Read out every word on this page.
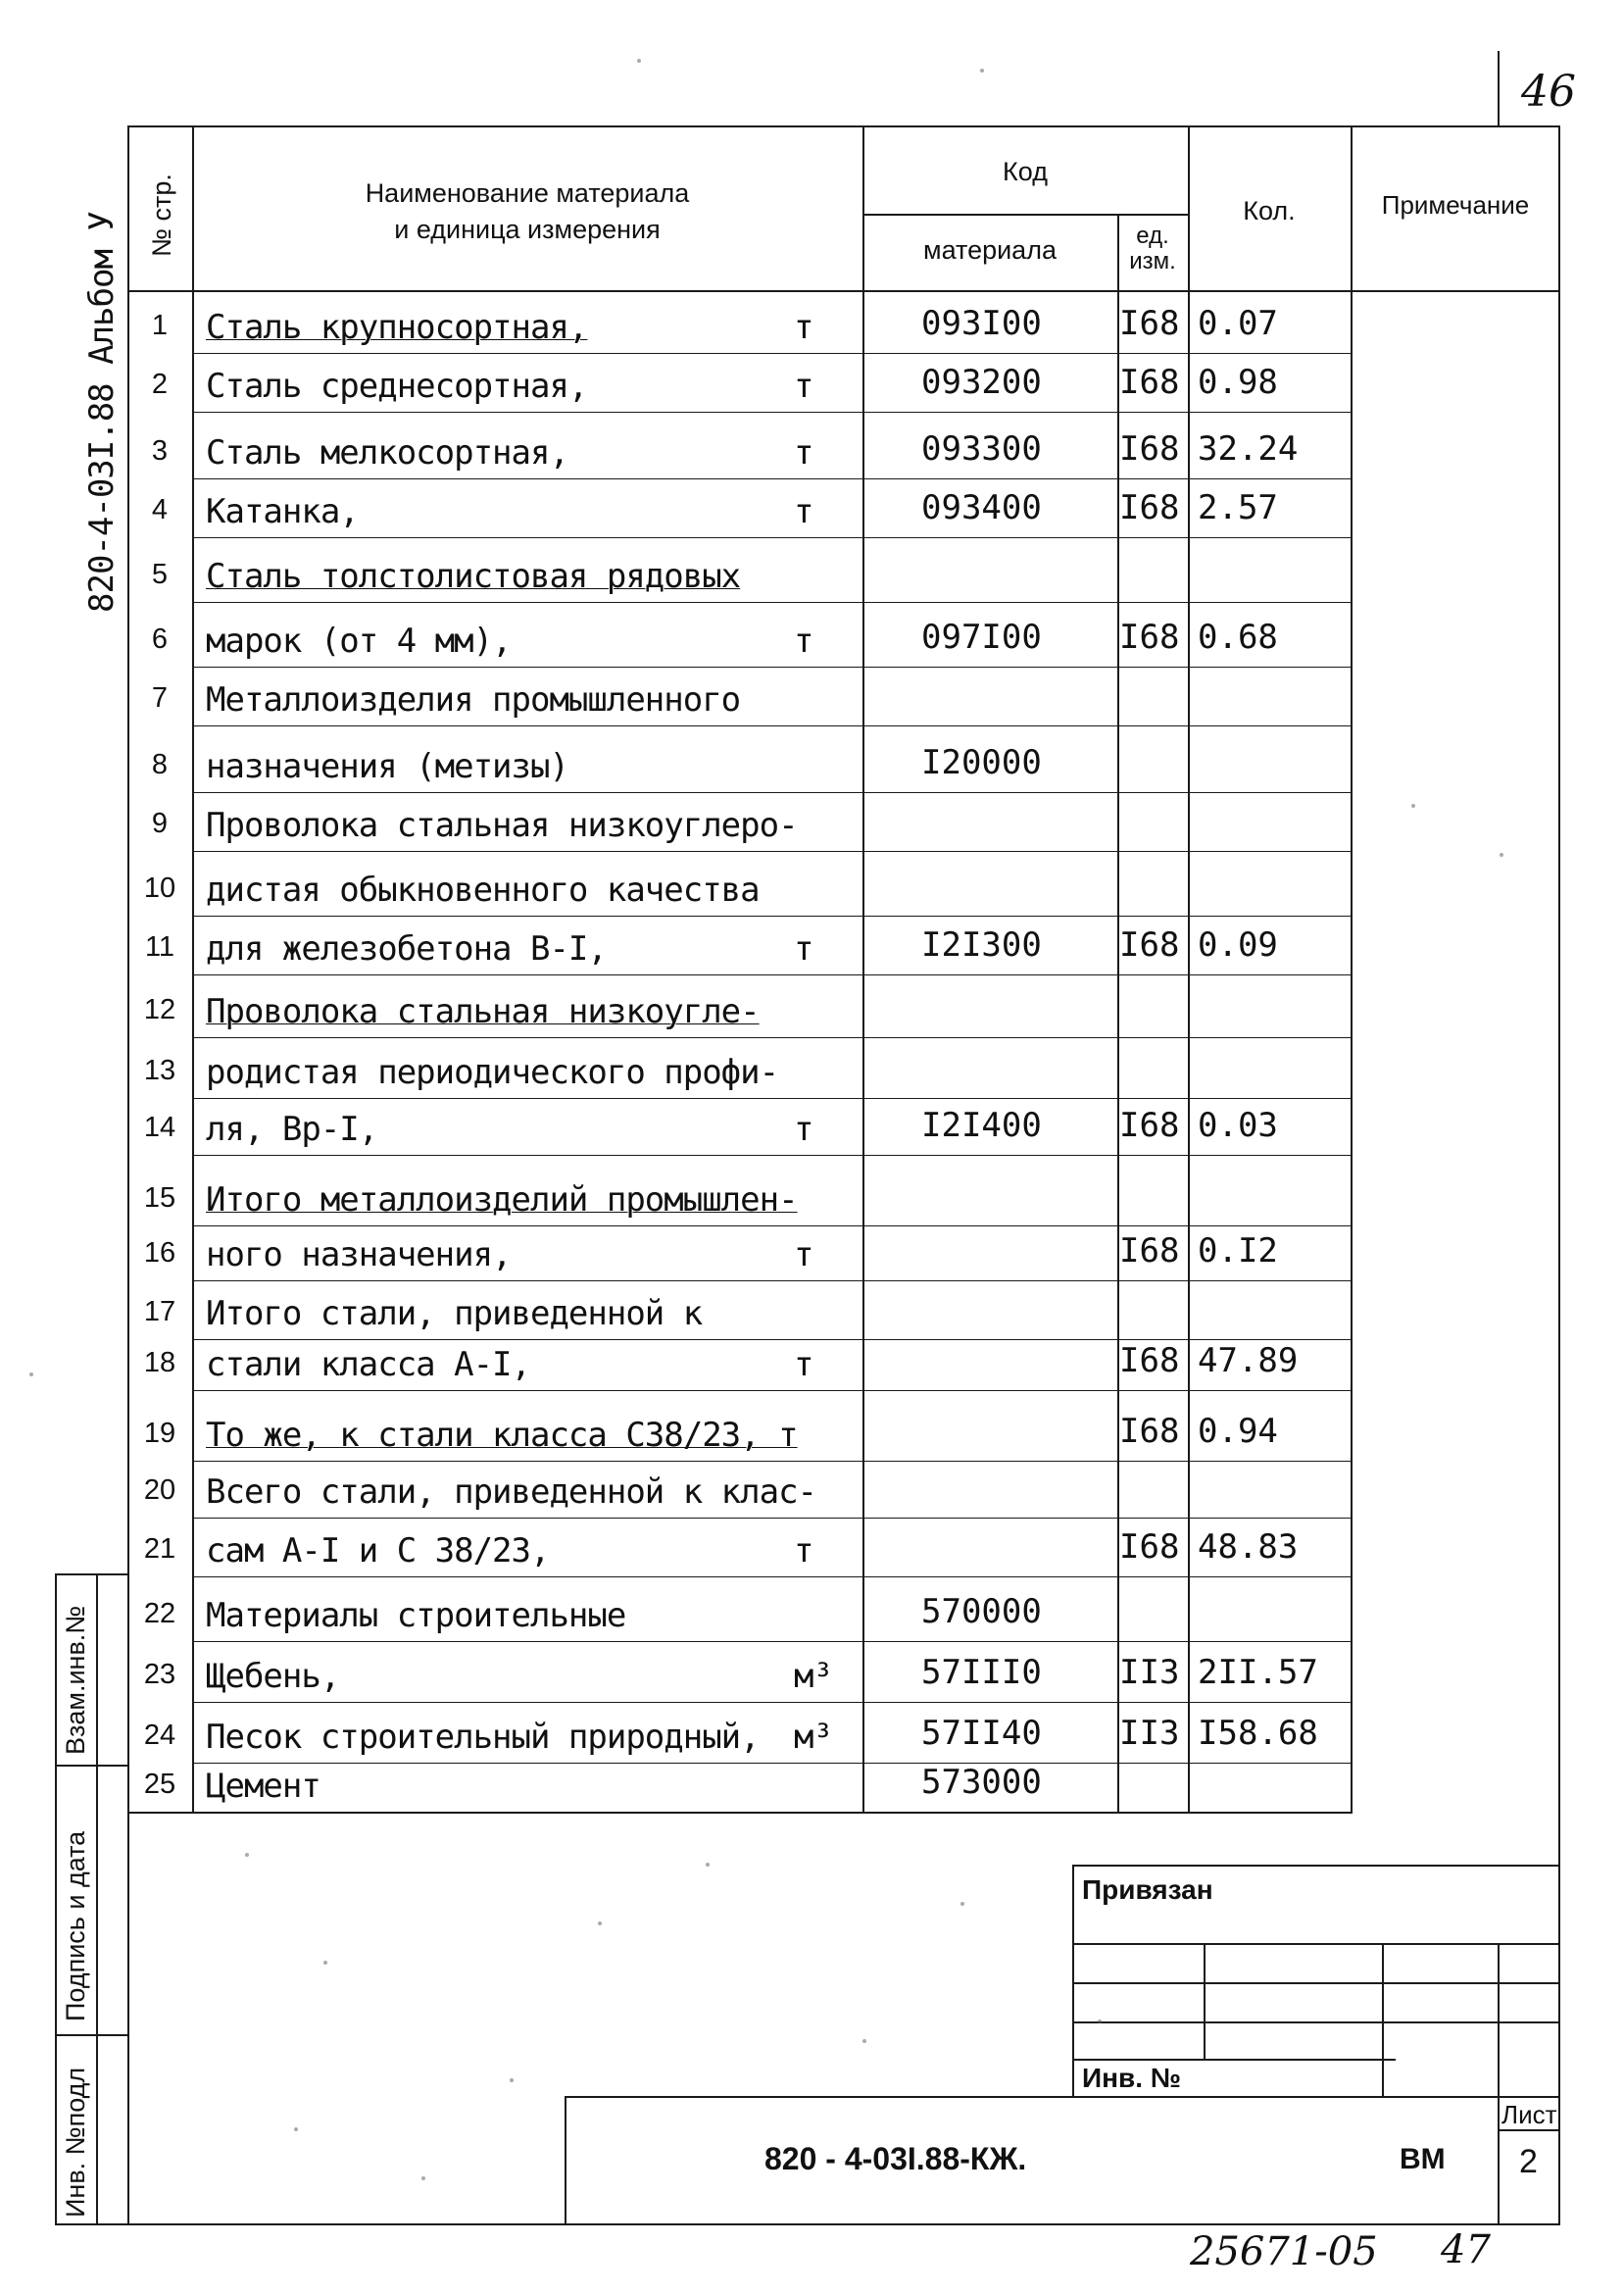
46
820-4-03I.88 Альбом У № стр.	Наименование материала
и единица измерения
Код
материала	ед. изм.
Кол.	Примечание
1	Сталь крупносортная,	т	093I00 I68 0.07
2	Сталь среднесортная,	т	093200 I68 0.98
3	Сталь мелкосортная,	т	093300 I68 32.24
4	Катанка,	т	093400 I68 2.57
5	Сталь толстолистовая рядовых
6	марок (от 4 мм),	т	097I00 I68 0.68
7	Металлоизделия промышленного
8	назначения (метизы)	I20000
9	Проволока стальная низкоуглеро-
10 дистая обыкновенного качества
11 для железобетона В-I,	т	I2I300 I68 0.09
12 Проволока стальная низкоугле-
13 родистая периодического профи-
14 ля, Вр-I,	т	I2I400 I68 0.03
15 Итого металлоизделий промышлен-
16 ного назначения,	т	I68 0.I2
17 Итого стали, приведенной к
18 стали класса А-I,	т	I68 47.89
19 То же, к стали класса С38/23, т	I68 0.94
20 Всего стали, приведенной к клас-
21 сам А-I и С 38/23,	т	I68 48.83
22 Материалы строительные	570000
23 Щебень,	м³	57III0 II3 2II.57
24 Песок строительный природный, м³	57II40 II3 I58.68
25 Цемент	573000
Взам.инв.№
Подпись и дата
Инв. №подл
Привязан
Инв. №
820 - 4-03I.88-КЖ.	ВМ
Лист
2
25671-05 47
